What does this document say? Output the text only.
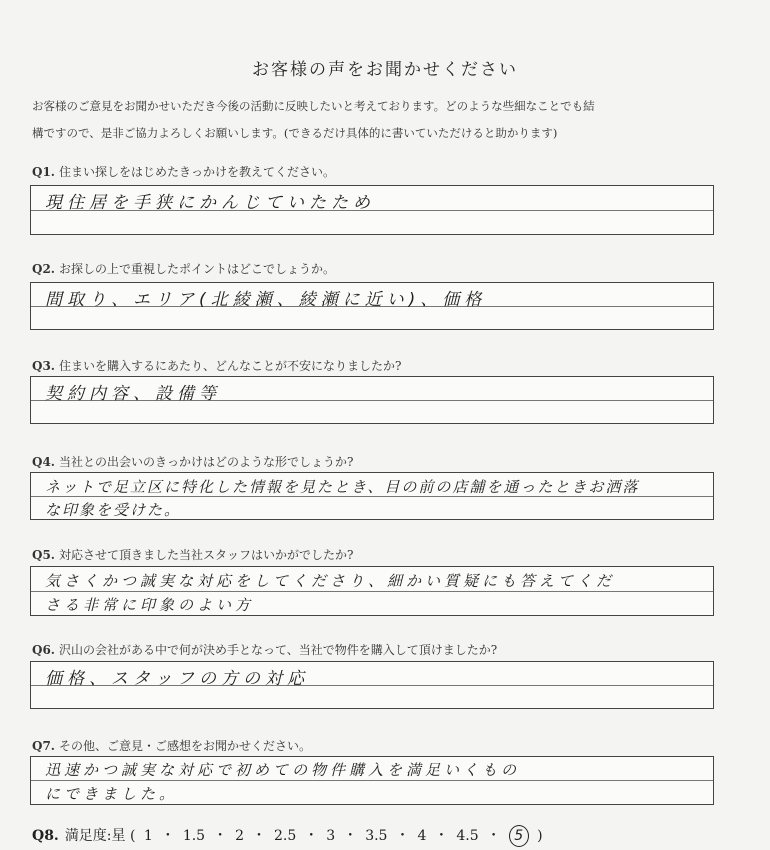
お客様の声をお聞かせください
お客様のご意見をお聞かせいただき今後の活動に反映したいと考えております。どのような些細なことでも結
構ですので、是非ご協力よろしくお願いします。(できるだけ具体的に書いていただけると助かります)
Q1. 住まい探しをはじめたきっかけを教えてください。
現住居を手狭にかんじていたため
Q2. お探しの上で重視したポイントはどこでしょうか。
間取り、エリア(北綾瀬、綾瀬に近い)、価格
Q3. 住まいを購入するにあたり、どんなことが不安になりましたか?
契約内容、設備等
Q4. 当社との出会いのきっかけはどのような形でしょうか?
ネットで足立区に特化した情報を見たとき、目の前の店舗を通ったときお洒落
な印象を受けた。
Q5. 対応させて頂きました当社スタッフはいかがでしたか?
気さくかつ誠実な対応をしてくださり、細かい質疑にも答えてくだ
さる非常に印象のよい方
Q6. 沢山の会社がある中で何が決め手となって、当社で物件を購入して頂けましたか?
価格、スタッフの方の対応
Q7. その他、ご意見・ご感想をお聞かせください。
迅速かつ誠実な対応で初めての物件購入を満足いくもの
にできました。
Q8. 満足度:星 ( 1 ・ 1.5 ・ 2 ・ 2.5 ・ 3 ・ 3.5 ・ 4 ・ 4.5 ・ 5 )
